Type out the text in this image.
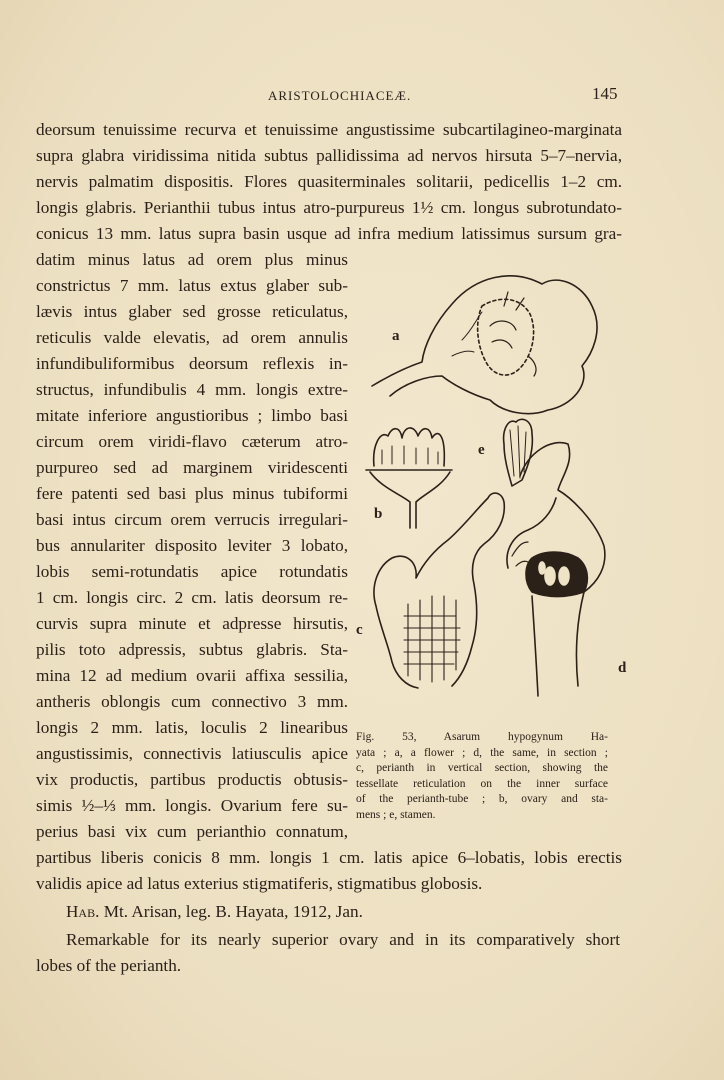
ARISTOLOCHIACEÆ.	145
deorsum tenuissime recurva et tenuissime angustissime subcartilagineo-marginata
supra glabra viridissima nitida subtus pallidissima ad nervos hirsuta 5–7–nervia,
nervis palmatim dispositis. Flores quasiterminales solitarii, pedicellis 1–2 cm.
longis glabris. Perianthii tubus intus atro-purpureus 1½ cm. longus subrotundato-
conicus 13 mm. latus supra basin usque ad infra medium latissimus sursum gra-
datim minus latus ad orem plus minus
constrictus 7 mm. latus extus glaber sub-
lævis intus glaber sed grosse reticulatus,
reticulis valde elevatis, ad orem annulis
infundibuliformibus deorsum reflexis in-
structus, infundibulis 4 mm. longis extre-
mitate inferiore angustioribus ; limbo basi
circum orem viridi-flavo cæterum atro-
purpureo sed ad marginem viridescenti
fere patenti sed basi plus minus tubiformi
basi intus circum orem verrucis irregulari-
bus annulariter disposito leviter 3 lobato,
lobis semi-rotundatis apice rotundatis
1 cm. longis circ. 2 cm. latis deorsum re-
curvis supra minute et adpresse hirsutis,
pilis toto adpressis, subtus glabris. Sta-
mina 12 ad medium ovarii affixa sessilia,
antheris oblongis cum connectivo 3 mm.
longis 2 mm. latis, loculis 2 linearibus
angustissimis, connectivis latiusculis apice
vix productis, partibus productis obtusis-
simis ½–⅓ mm. longis. Ovarium fere su-
perius basi vix cum perianthio connatum,
partibus liberis conicis 8 mm. longis 1 cm. latis apice 6–lobatis, lobis erectis
validis apice ad latus exterius stigmatiferis, stigmatibus globosis.
Hab. Mt. Arisan, leg. B. Hayata, 1912, Jan.
Remarkable for its nearly superior ovary and in its comparatively short
lobes of the perianth.
a
b
c
d
e
Fig. 53, Asarum hypogynum Ha-
yata ; a, a flower ; d, the same, in section ;
c, perianth in vertical section, showing the
tessellate reticulation on the inner surface
of the perianth-tube ; b, ovary and sta-
mens ; e, stamen.
